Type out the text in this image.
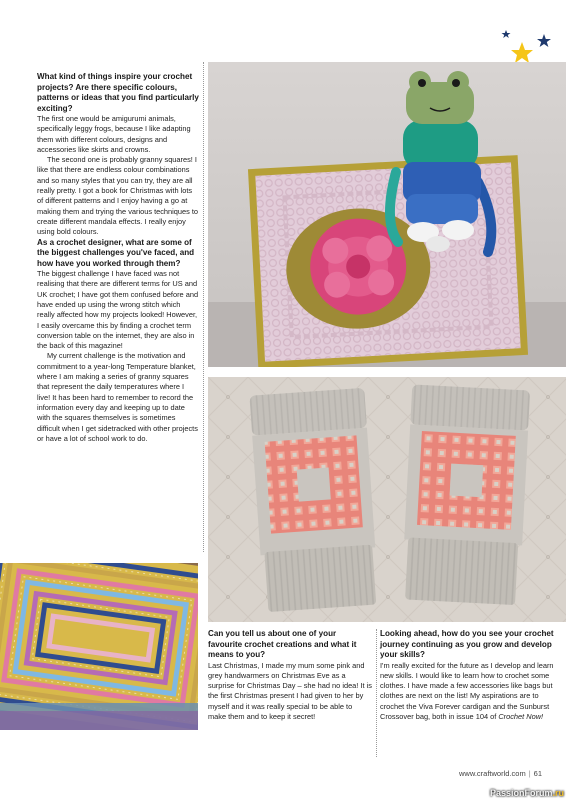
What kind of things inspire your crochet projects? Are there specific colours, patterns or ideas that you find particularly exciting?

The first one would be amigurumi animals, specifically leggy frogs, because I like adapting them with different colours, designs and accessories like skirts and crowns.

The second one is probably granny squares! I like that there are endless colour combinations and so many styles that you can try, they are all really pretty. I got a book for Christmas with lots of different patterns and I enjoy having a go at making them and trying the various techniques to create different mandala effects. I really enjoy using bold colours.

As a crochet designer, what are some of the biggest challenges you've faced, and how have you worked through them?

The biggest challenge I have faced was not realising that there are different terms for US and UK crochet; I have got them confused before and have ended up using the wrong stitch which really affected how my projects looked! However, I easily overcame this by finding a crochet term conversion table on the internet, they are also in the back of this magazine!

My current challenge is the motivation and commitment to a year-long Temperature blanket, where I am making a series of granny squares that represent the daily temperatures where I live! It has been hard to remember to record the information every day and keeping up to date with the squares themselves is sometimes difficult when I get sidetracked with other projects or have a lot of school work to do.

Can you tell us about one of your favourite crochet creations and what it means to you?

Last Christmas, I made my mum some pink and grey handwarmers on Christmas Eve as a surprise for Christmas Day – she had no idea! It is the first Christmas present I had given to her by myself and it was really special to be able to make them and to keep it secret!

Looking ahead, how do you see your crochet journey continuing as you grow and develop your skills?

I'm really excited for the future as I develop and learn new skills. I would like to learn how to crochet some clothes. I have made a few accessories like bags but clothes are next on the list! My aspirations are to crochet the Viva Forever cardigan and the Sunburst Crossover bag, both in issue 104 of Crochet Now!

www.craftworld.com | 61
PassionForum.ru
